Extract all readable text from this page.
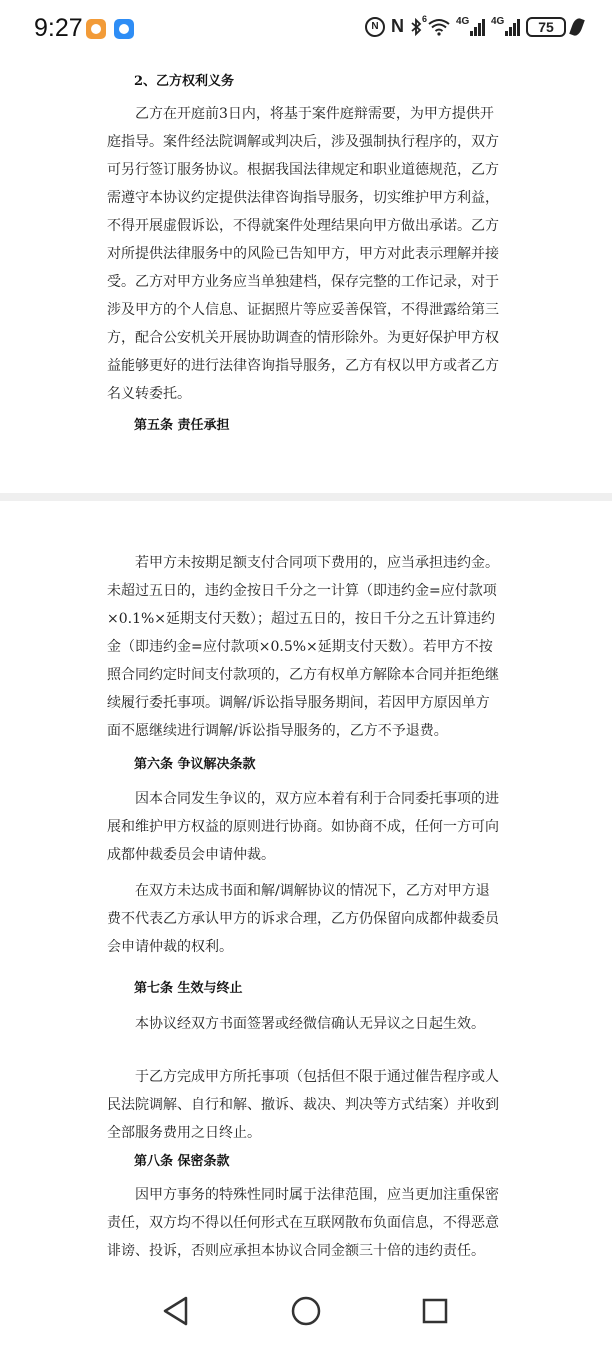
9:27	N N 6	4G 4G	75
2、乙方权利义务

乙方在开庭前3日内，将基于案件庭辩需要，为甲方提供开庭指导。案件经法院调解或判决后，涉及强制执行程序的，双方可另行签订服务协议。根据我国法律规定和职业道德规范，乙方需遵守本协议约定提供法律咨询指导服务，切实维护甲方利益，不得开展虚假诉讼，不得就案件处理结果向甲方做出承诺。乙方对所提供法律服务中的风险已告知甲方，甲方对此表示理解并接受。乙方对甲方业务应当单独建档，保存完整的工作记录，对于涉及甲方的个人信息、证据照片等应妥善保管，不得泄露给第三方，配合公安机关开展协助调查的情形除外。为更好保护甲方权益能够更好的进行法律咨询指导服务，乙方有权以甲方或者乙方名义转委托。

第五条 责任承担

若甲方未按期足额支付合同项下费用的，应当承担违约金。未超过五日的，违约金按日千分之一计算（即违约金=应付款项×0.1%×延期支付天数）；超过五日的，按日千分之五计算违约金（即违约金=应付款项×0.5%×延期支付天数）。若甲方不按照合同约定时间支付款项的，乙方有权单方解除本合同并拒绝继续履行委托事项。调解/诉讼指导服务期间，若因甲方原因单方面不愿继续进行调解/诉讼指导服务的，乙方不予退费。

第六条 争议解决条款

因本合同发生争议的，双方应本着有利于合同委托事项的进展和维护甲方权益的原则进行协商。如协商不成，任何一方可向成都仲裁委员会申请仲裁。

在双方未达成书面和解/调解协议的情况下，乙方对甲方退费不代表乙方承认甲方的诉求合理，乙方仍保留向成都仲裁委员会申请仲裁的权利。

第七条 生效与终止

本协议经双方书面签署或经微信确认无异议之日起生效。

于乙方完成甲方所托事项（包括但不限于通过催告程序或人民法院调解、自行和解、撤诉、裁决、判决等方式结案）并收到全部服务费用之日终止。

第八条 保密条款

因甲方事务的特殊性同时属于法律范围，应当更加注重保密责任，双方均不得以任何形式在互联网散布负面信息，不得恶意诽谤、投诉，否则应承担本协议合同金额三十倍的违约责任。
